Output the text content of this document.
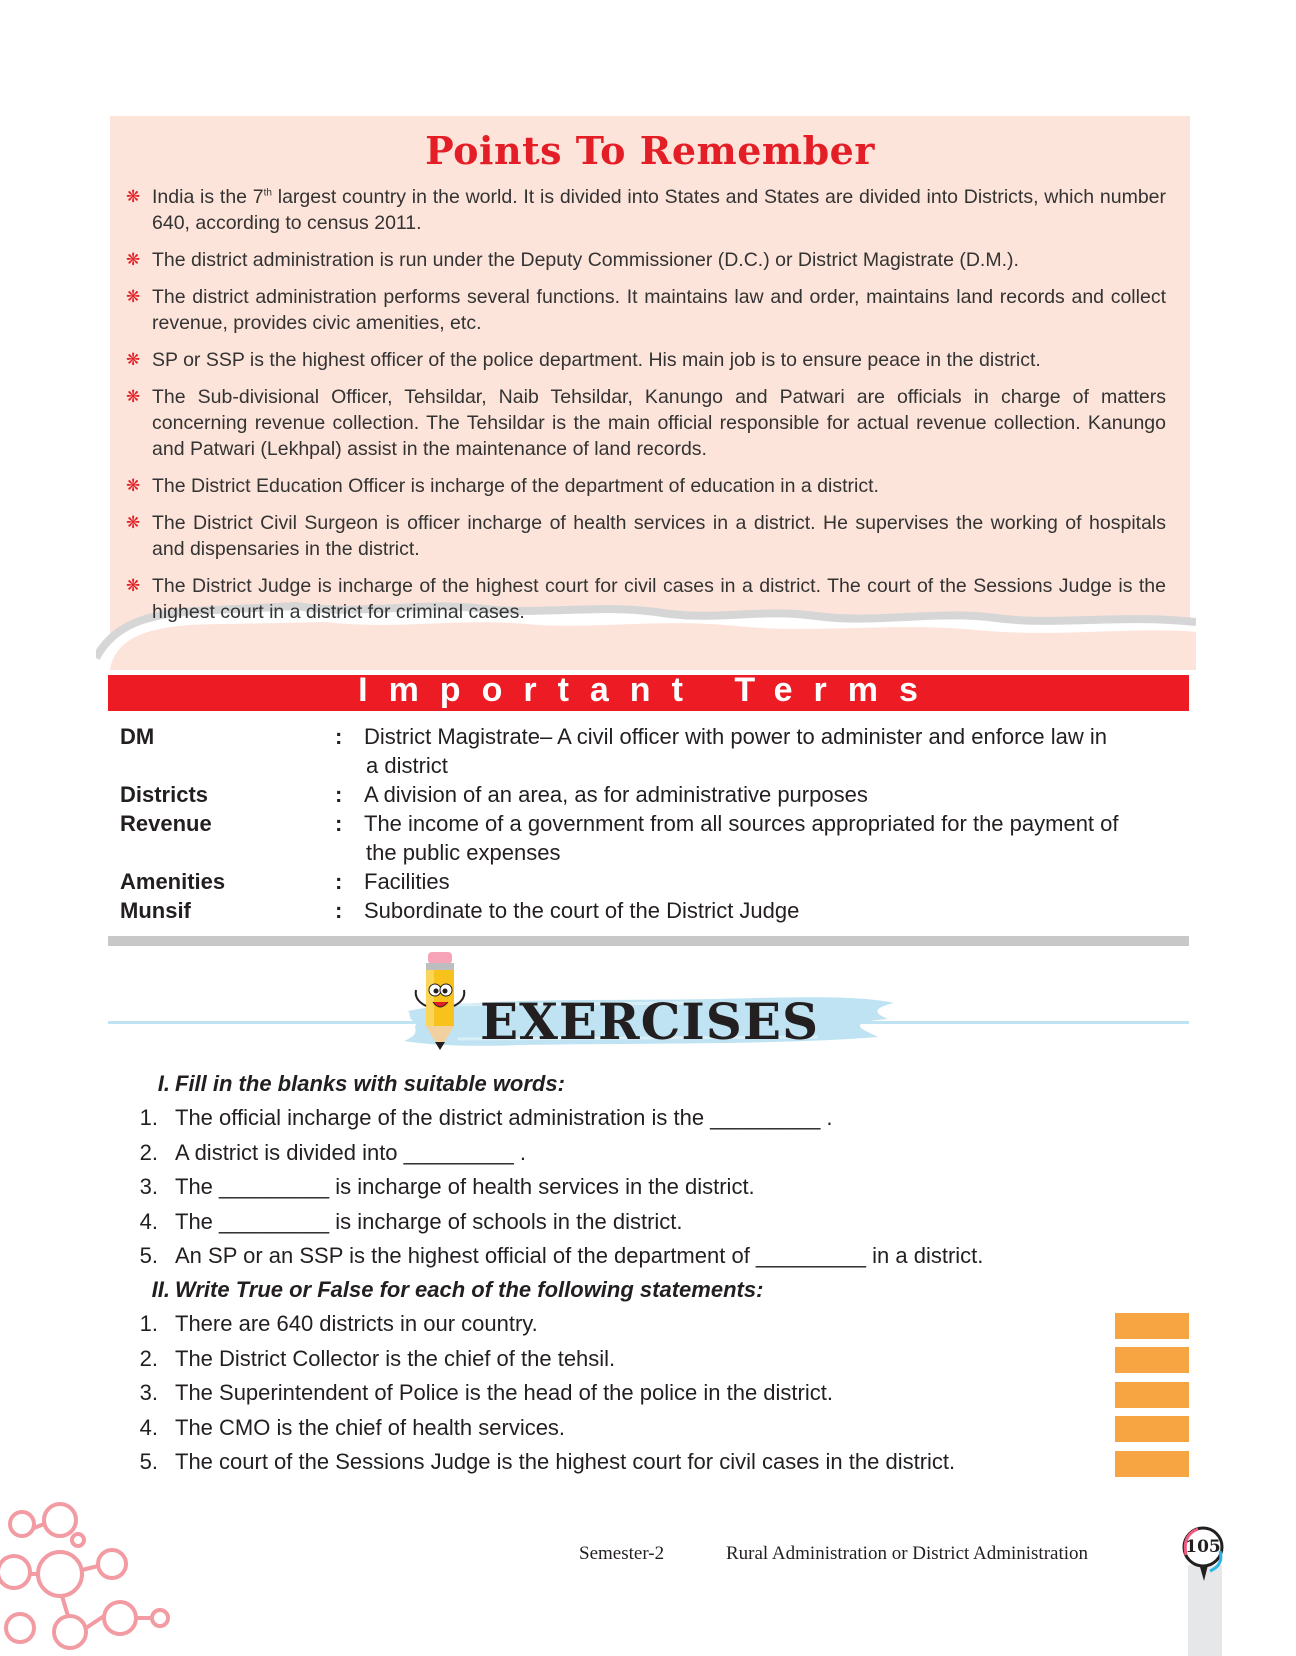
Points To Remember
❋ India is the 7th largest country in the world. It is divided into States and States are divided into Districts, which number 640, according to census 2011.
❋ The district administration is run under the Deputy Commissioner (D.C.) or District Magistrate (D.M.).
❋ The district administration performs several functions. It maintains law and order, maintains land records and collect revenue, provides civic amenities, etc.
❋ SP or SSP is the highest officer of the police department. His main job is to ensure peace in the district.
❋ The Sub-divisional Officer, Tehsildar, Naib Tehsildar, Kanungo and Patwari are officials in charge of matters concerning revenue collection. The Tehsildar is the main official responsible for actual revenue collection. Kanungo and Patwari (Lekhpal) assist in the maintenance of land records.
❋ The District Education Officer is incharge of the department of education in a district.
❋ The District Civil Surgeon is officer incharge of health services in a district. He supervises the working of hospitals and dispensaries in the district.
❋ The District Judge is incharge of the highest court for civil cases in a district. The court of the Sessions Judge is the highest court in a district for criminal cases.
Important Terms
DM	: District Magistrate– A civil officer with power to administer and enforce law in
a district
Districts	: A division of an area, as for administrative purposes
Revenue	: The income of a government from all sources appropriated for the payment of
the public expenses
Amenities	: Facilities
Munsif	: Subordinate to the court of the District Judge
EXERCISES
I. Fill in the blanks with suitable words:
1. The official incharge of the district administration is the _________ .
2. A district is divided into _________ .
3. The _________ is incharge of health services in the district.
4. The _________ is incharge of schools in the district.
5. An SP or an SSP is the highest official of the department of _________ in a district.
II. Write True or False for each of the following statements:
1. There are 640 districts in our country.
2. The District Collector is the chief of the tehsil.
3. The Superintendent of Police is the head of the police in the district.
4. The CMO is the chief of health services.
5. The court of the Sessions Judge is the highest court for civil cases in the district.
Semester-2	Rural Administration or District Administration	105
